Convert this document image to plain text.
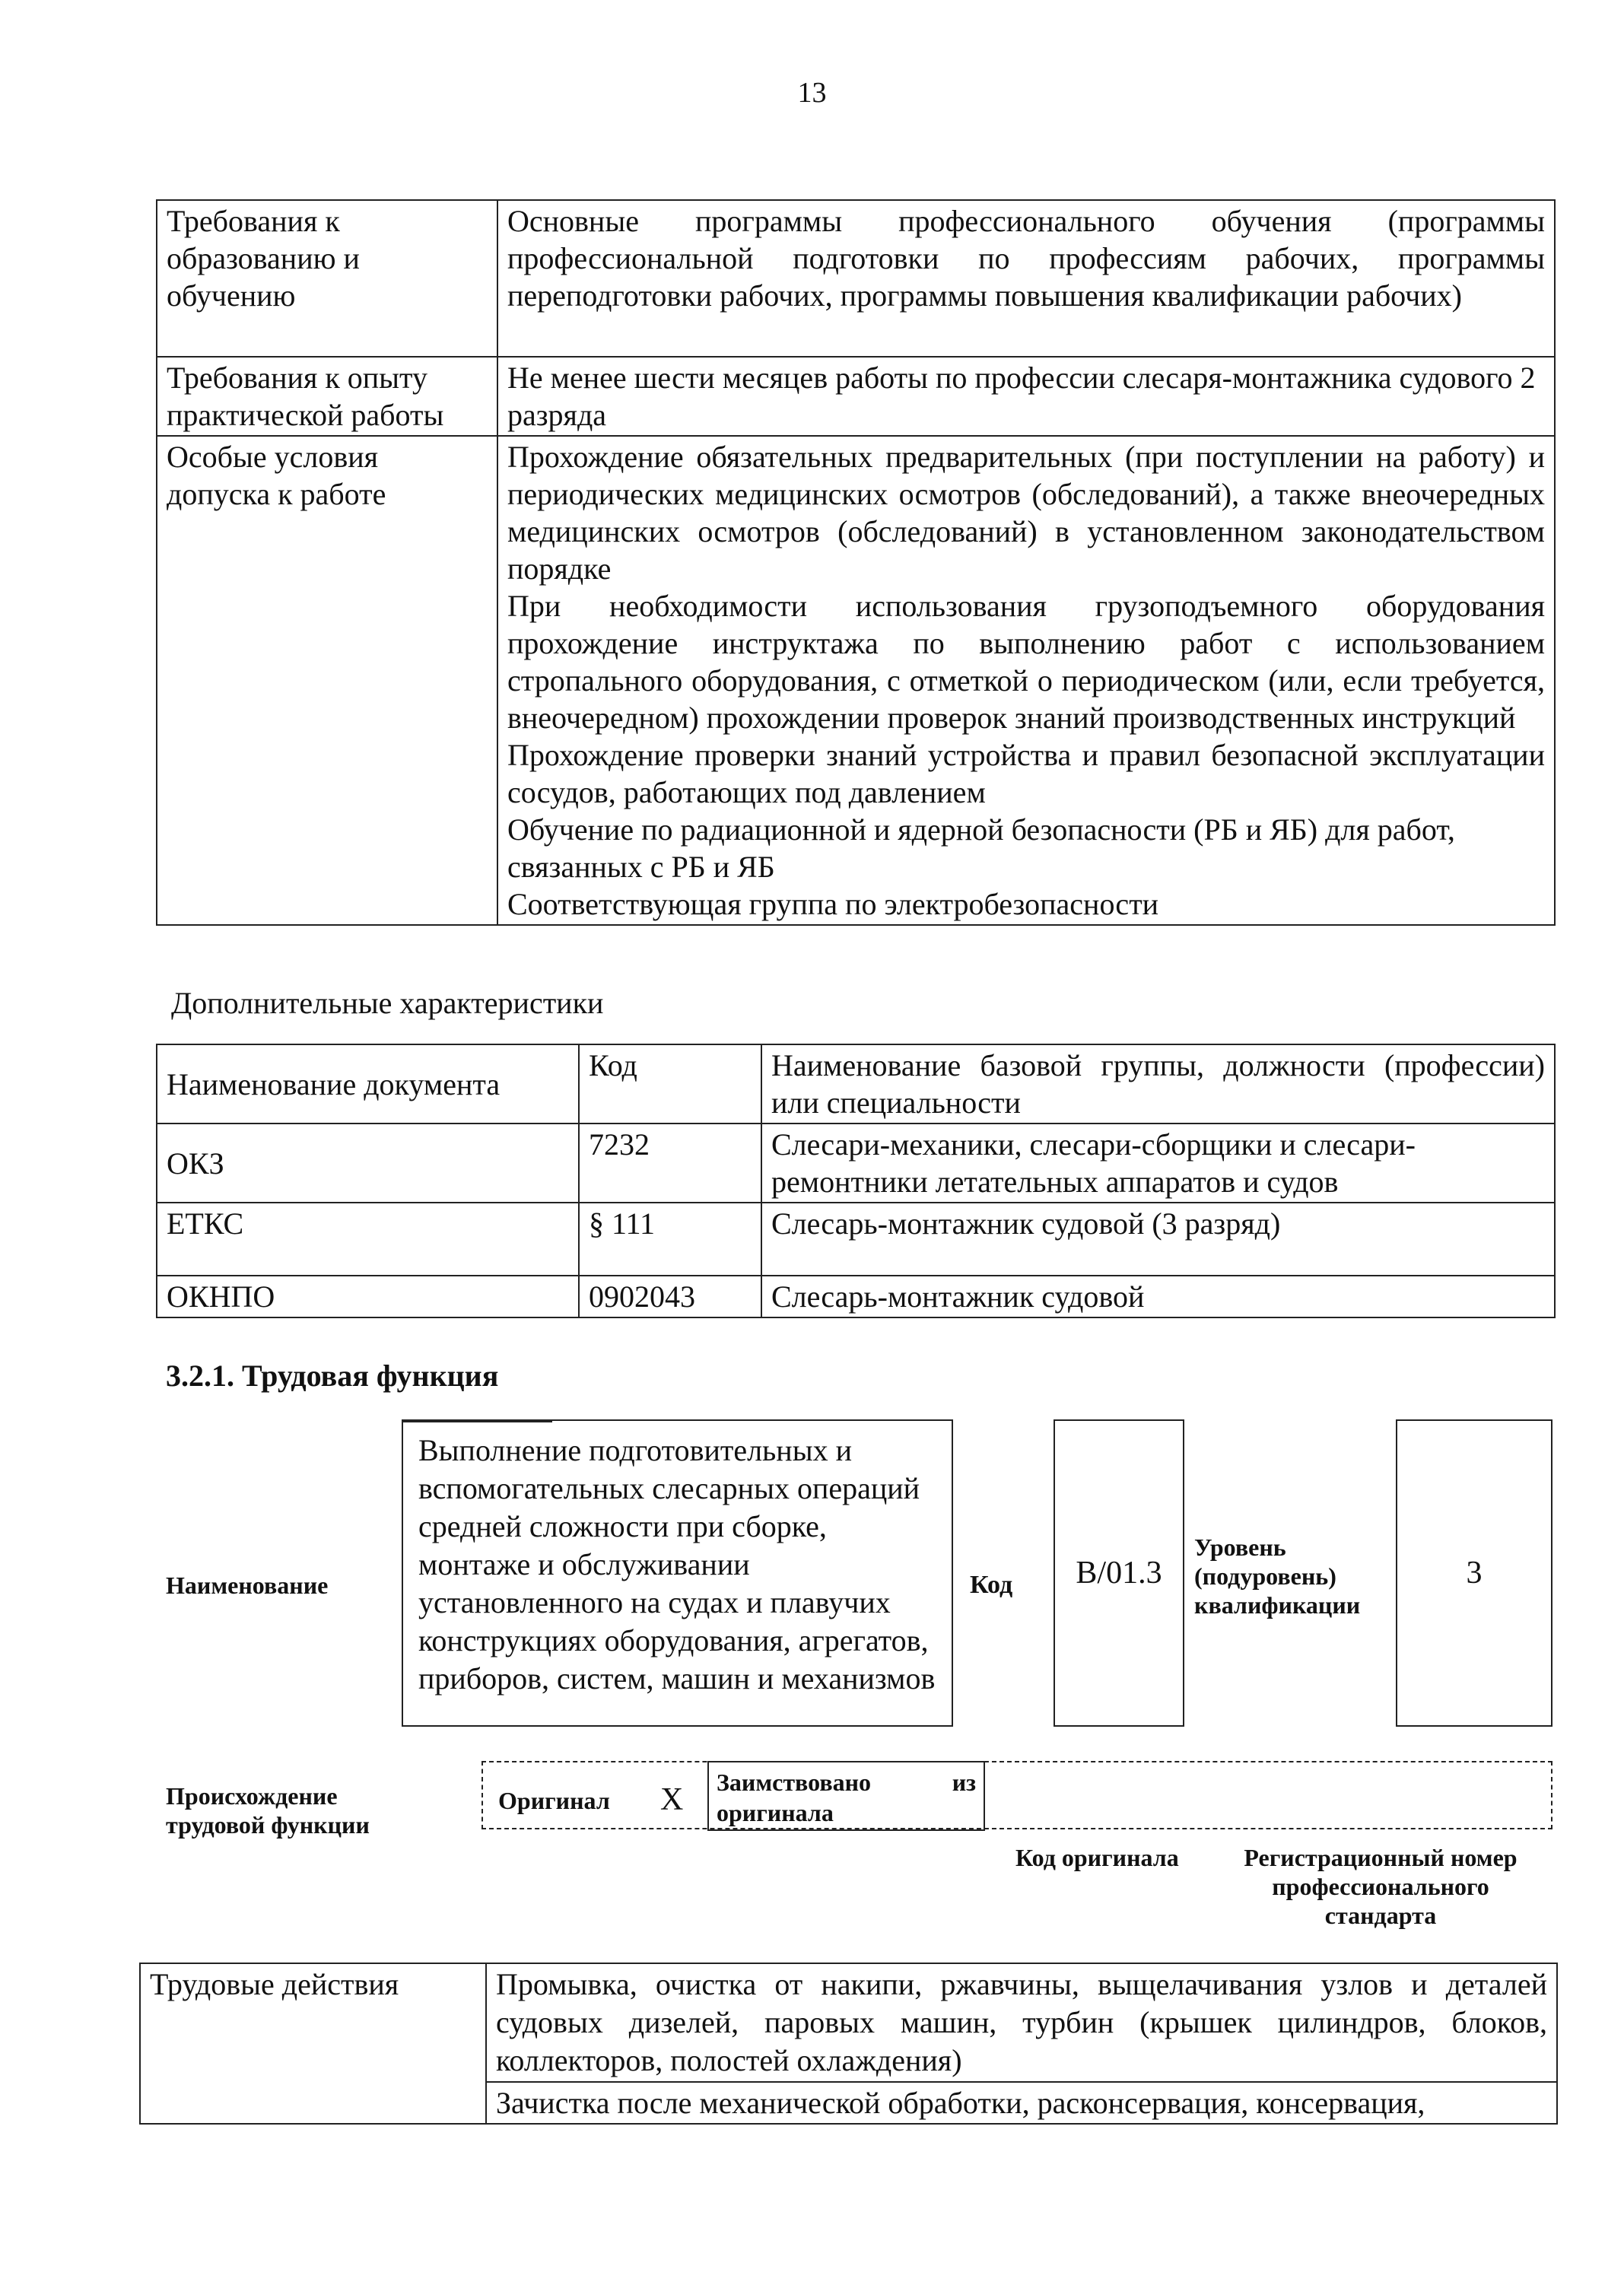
13
Требования к образованию и обучению	Основные программы профессионального обучения (программы профессиональной подготовки по профессиям рабочих, программы переподготовки рабочих, программы повышения квалификации рабочих)

Требования к опыту практической работы	Не менее шести месяцев работы по профессии слесаря-монтажника судового 2 разряда

Особые условия допуска к работе	Прохождение обязательных предварительных (при поступлении на работу) и периодических медицинских осмотров (обследований), а также внеочередных медицинских осмотров (обследований) в установленном законодательством порядке

При необходимости использования грузоподъемного оборудования прохождение инструктажа по выполнению работ с использованием стропального оборудования, с отметкой о периодическом (или, если требуется, внеочередном) прохождении проверок знаний производственных инструкций

Прохождение проверки знаний устройства и правил безопасной эксплуатации сосудов, работающих под давлением

Обучение по радиационной и ядерной безопасности (РБ и ЯБ) для работ, связанных с РБ и ЯБ

Соответствующая группа по электробезопасности

Дополнительные характеристики
Наименование документа	Код	Наименование базовой группы, должности (профессии) или специальности
ОКЗ	7232	Слесари-механики, слесари-сборщики и слесари-ремонтники летательных аппаратов и судов
ЕТКС	§ 111	Слесарь-монтажник судовой (3 разряд)
ОКНПО	0902043	Слесарь-монтажник судовой
3.2.1. Трудовая функция
Наименование
Выполнение подготовительных и вспомогательных слесарных операций средней сложности при сборке, монтаже и обслуживании установленного на судах и плавучих конструкциях оборудования, агрегатов, приборов, систем, машин и механизмов
Код B/01.3
Уровень (подуровень) квалификации
3
Происхождение трудовой функции
Оригинал X Заимствовано из оригинала
Код оригинала	Регистрационный номер профессионального стандарта
Трудовые действия	Промывка, очистка от накипи, ржавчины, выщелачивания узлов и деталей судовых дизелей, паровых машин, турбин (крышек цилиндров, блоков, коллекторов, полостей охлаждения)
Зачистка после механической обработки, расконсервация, консервация,
